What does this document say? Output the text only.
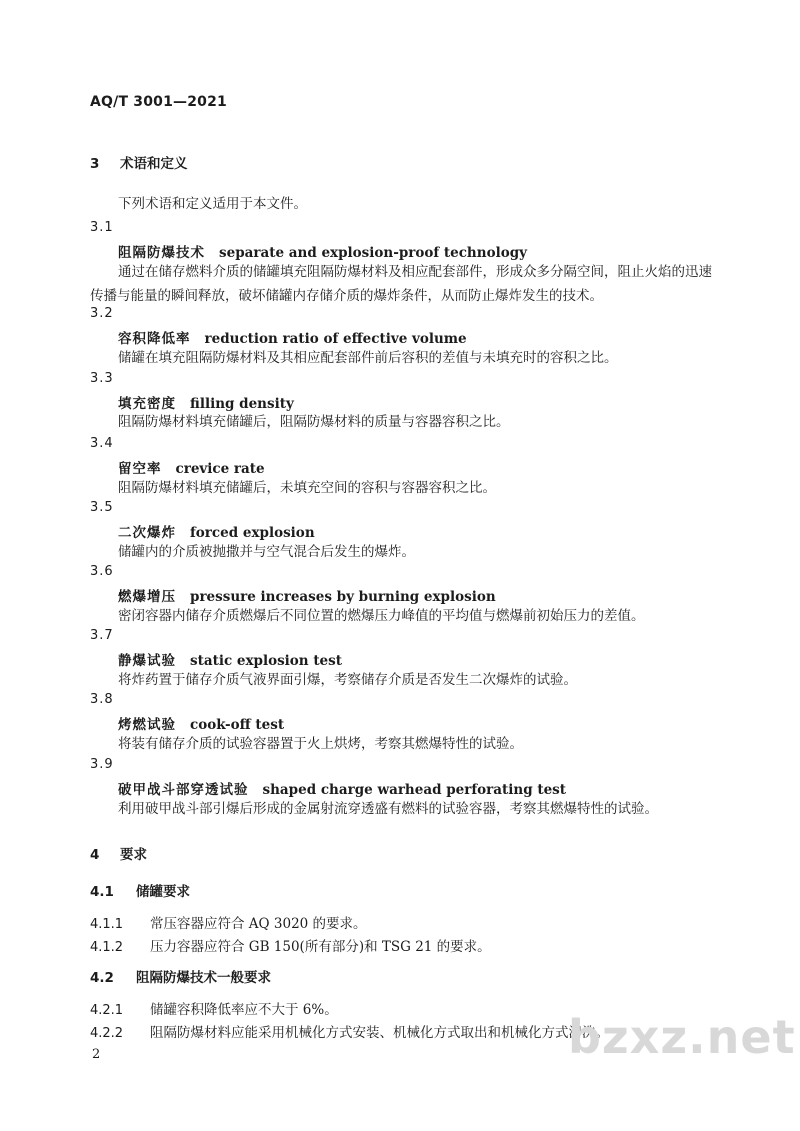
AQ/T 3001—2021
3 术语和定义
下列术语和定义适用于本文件。
3.1
阻隔防爆技术 separate and explosion-proof technology
通过在储存燃料介质的储罐填充阻隔防爆材料及相应配套部件，形成众多分隔空间，阻止火焰的迅速传播与能量的瞬间释放，破坏储罐内存储介质的爆炸条件，从而防止爆炸发生的技术。
3.2
容积降低率 reduction ratio of effective volume
储罐在填充阻隔防爆材料及其相应配套部件前后容积的差值与未填充时的容积之比。
3.3
填充密度 filling density
阻隔防爆材料填充储罐后，阻隔防爆材料的质量与容器容积之比。
3.4
留空率 crevice rate
阻隔防爆材料填充储罐后，未填充空间的容积与容器容积之比。
3.5
二次爆炸 forced explosion
储罐内的介质被抛撒并与空气混合后发生的爆炸。
3.6
燃爆增压 pressure increases by burning explosion
密闭容器内储存介质燃爆后不同位置的燃爆压力峰值的平均值与燃爆前初始压力的差值。
3.7
静爆试验 static explosion test
将炸药置于储存介质气液界面引爆，考察储存介质是否发生二次爆炸的试验。
3.8
烤燃试验 cook-off test
将装有储存介质的试验容器置于火上烘烤，考察其燃爆特性的试验。
3.9
破甲战斗部穿透试验 shaped charge warhead perforating test
利用破甲战斗部引爆后形成的金属射流穿透盛有燃料的试验容器，考察其燃爆特性的试验。
4 要求
4.1 储罐要求
4.1.1 常压容器应符合 AQ 3020 的要求。
4.1.2 压力容器应符合 GB 150(所有部分)和 TSG 21 的要求。
4.2 阻隔防爆技术一般要求
4.2.1 储罐容积降低率应不大于 6%。
4.2.2 阻隔防爆材料应能采用机械化方式安装、机械化方式取出和机械化方式清洗。
bzxz.net
2
